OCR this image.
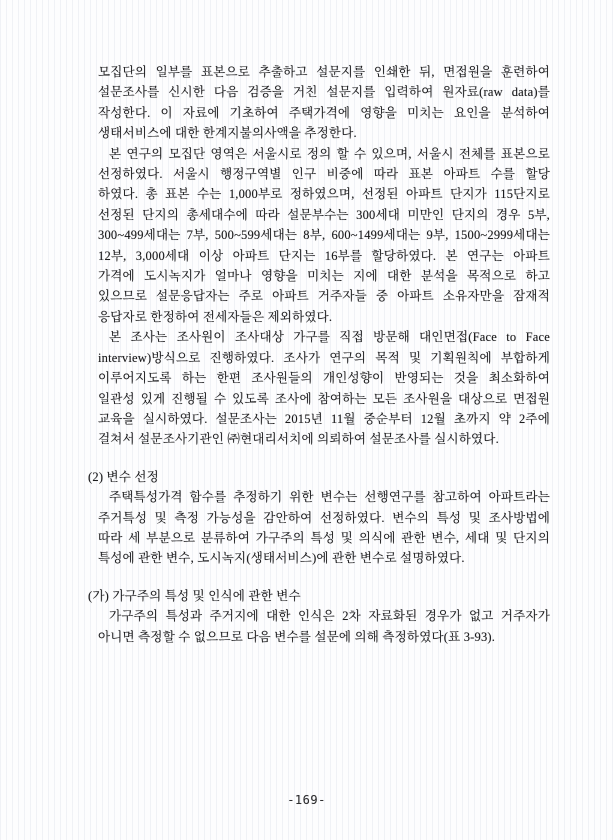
모집단의 일부를 표본으로 추출하고 설문지를 인쇄한 뒤, 면접원을 훈련하여
설문조사를 신시한 다음 검증을 거친 설문지를 입력하여 원자료(raw data)를
작성한다. 이 자료에 기초하여 주택가격에 영향을 미치는 요인을 분석하여
생태서비스에 대한 한계지불의사액을 추정한다.
본 연구의 모집단 영역은 서울시로 정의 할 수 있으며, 서울시 전체를 표본으로
선정하였다. 서울시 행정구역별 인구 비중에 따라 표본 아파트 수를 할당
하였다. 총 표본 수는 1,000부로 정하였으며, 선정된 아파트 단지가 115단지로
선정된 단지의 총세대수에 따라 설문부수는 300세대 미만인 단지의 경우 5부,
300~499세대는 7부, 500~599세대는 8부, 600~1499세대는 9부, 1500~2999세대는
12부, 3,000세대 이상 아파트 단지는 16부를 할당하였다. 본 연구는 아파트
가격에 도시녹지가 얼마나 영향을 미치는 지에 대한 분석을 목적으로 하고
있으므로 설문응답자는 주로 아파트 거주자들 중 아파트 소유자만을 잠재적
응답자로 한정하여 전세자들은 제외하였다.
본 조사는 조사원이 조사대상 가구를 직접 방문해 대인면접(Face to Face
interview)방식으로 진행하였다. 조사가 연구의 목적 및 기획원칙에 부합하게
이루어지도록 하는 한편 조사원들의 개인성향이 반영되는 것을 최소화하여
일관성 있게 진행될 수 있도록 조사에 참여하는 모든 조사원을 대상으로 면접원
교육을 실시하였다. 설문조사는 2015년 11월 중순부터 12월 초까지 약 2주에
걸쳐서 설문조사기관인 ㈜현대리서치에 의뢰하여 설문조사를 실시하였다.
(2) 변수 선정
주택특성가격 함수를 추정하기 위한 변수는 선행연구를 참고하여 아파트라는
주거특성 및 측정 가능성을 감안하여 선정하였다. 변수의 특성 및 조사방법에
따라 세 부분으로 분류하여 가구주의 특성 및 의식에 관한 변수, 세대 및 단지의
특성에 관한 변수, 도시녹지(생태서비스)에 관한 변수로 설명하였다.
(가) 가구주의 특성 및 인식에 관한 변수
가구주의 특성과 주거지에 대한 인식은 2차 자료화된 경우가 없고 거주자가
아니면 측정할 수 없으므로 다음 변수를 설문에 의해 측정하였다(표 3-93).
-169-
